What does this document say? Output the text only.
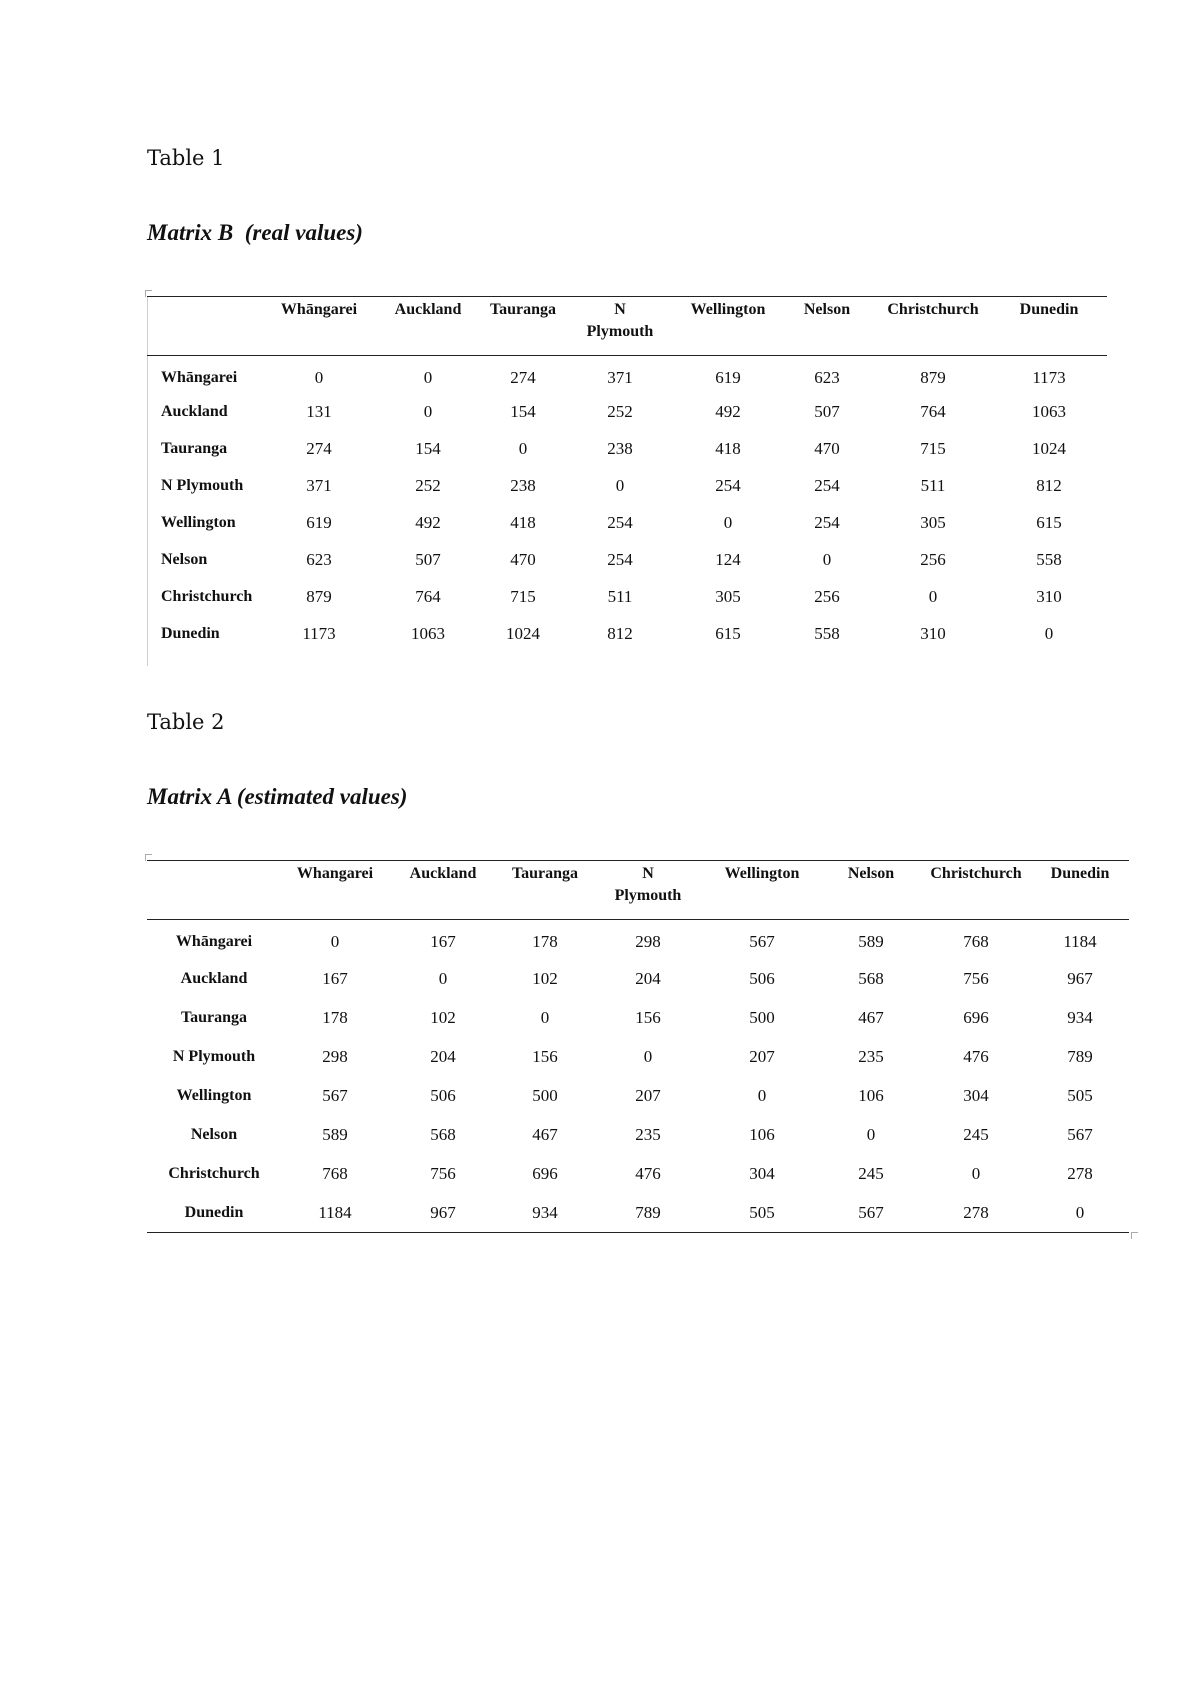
Table 1

Matrix B  (real values)

	Whāngarei	Auckland	Tauranga	N Plymouth	Wellington	Nelson	Christchurch	Dunedin
Whāngarei	0	0	274	371	619	623	879	1173
Auckland	131	0	154	252	492	507	764	1063
Tauranga	274	154	0	238	418	470	715	1024
N Plymouth	371	252	238	0	254	254	511	812
Wellington	619	492	418	254	0	254	305	615
Nelson	623	507	470	254	124	0	256	558
Christchurch	879	764	715	511	305	256	0	310
Dunedin	1173	1063	1024	812	615	558	310	0

Table 2

Matrix A (estimated values)

	Whangarei	Auckland	Tauranga	N Plymouth	Wellington	Nelson	Christchurch	Dunedin
Whāngarei	0	167	178	298	567	589	768	1184
Auckland	167	0	102	204	506	568	756	967
Tauranga	178	102	0	156	500	467	696	934
N Plymouth	298	204	156	0	207	235	476	789
Wellington	567	506	500	207	0	106	304	505
Nelson	589	568	467	235	106	0	245	567
Christchurch	768	756	696	476	304	245	0	278
Dunedin	1184	967	934	789	505	567	278	0
